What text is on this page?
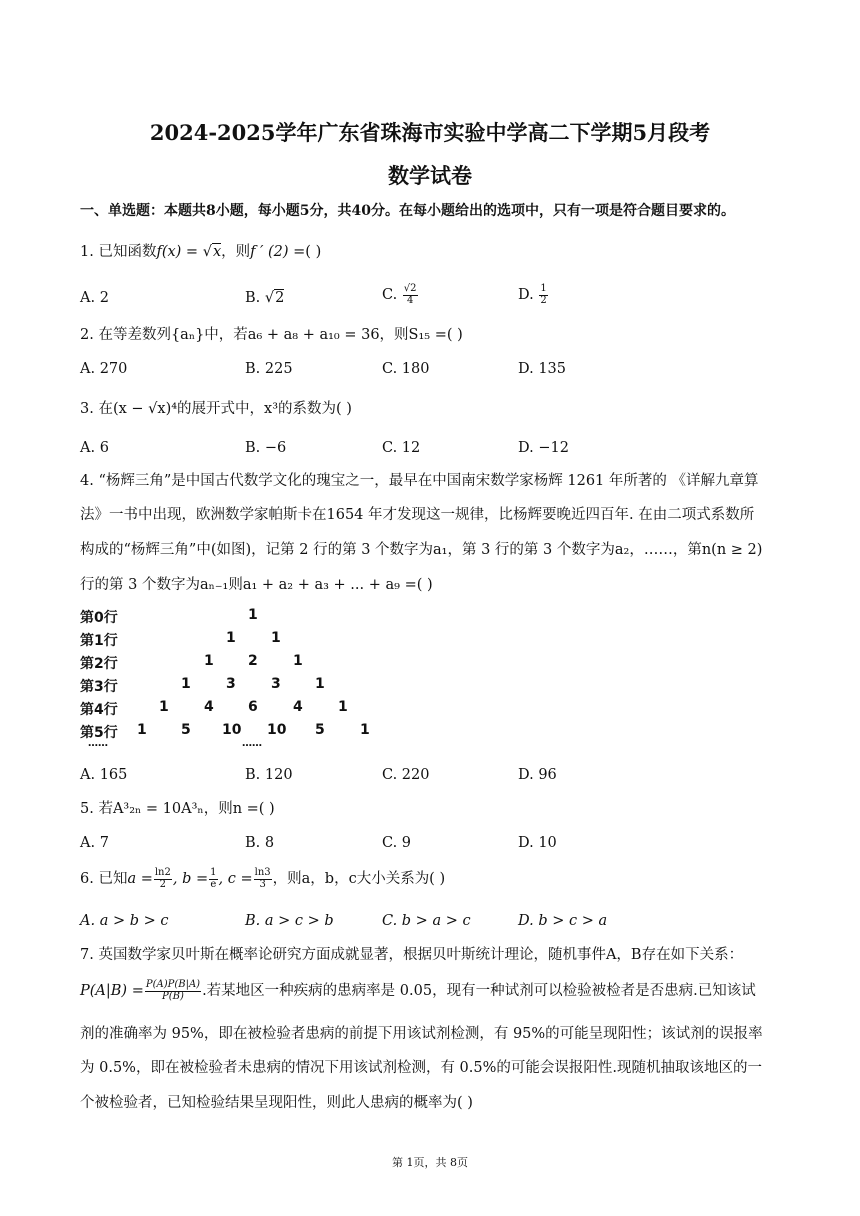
2024-2025学年广东省珠海市实验中学高二下学期5月段考
数学试卷
一、单选题：本题共8小题，每小题5分，共40分。在每小题给出的选项中，只有一项是符合题目要求的。
1. 已知函数f(x) = √x，则f ′ (2) =( )
A. 2	B. √2	C. $\frac{√2}{4}$	D. $\frac{1}{2}$
2. 在等差数列{aₙ}中，若a₆ + a₈ + a₁₀ = 36，则S₁₅ =( )
A. 270	B. 225	C. 180	D. 135
3. 在(x − √x)⁴的展开式中，x³的系数为( )
A. 6	B. −6	C. 12	D. −12
4. “杨辉三角”是中国古代数学文化的瑰宝之一，最早在中国南宋数学家杨辉 1261 年所著的 《详解九章算
法》一书中出现，欧洲数学家帕斯卡在1654 年才发现这一规律，比杨辉要晚近四百年. 在由二项式系数所
构成的“杨辉三角”中(如图)，记第 2 行的第 3 个数字为a₁，第 3 行的第 3 个数字为a₂，……，第n(n ≥ 2)
行的第 3 个数字为aₙ₋₁则a₁ + a₂ + a₃ + ... + a₉ =( )
第0行
第1行
第2行
第3行
第4行
第5行
1
1	1
1 2	1
1	3	3 1
1	4 6	4	1
1 5 10 10 5	1
……	……
A. 165	B. 120	C. 220	D. 96
5. 若A³₂ₙ = 10A³ₙ，则n =( )
A. 7	B. 8	C. 9	D. 10
6. 已知$a = \frac{\ln 2}{2}$ , $b = \frac{1}{e}$ , $c = \frac{\ln 3}{3}$ ，则a，b，c大小关系为( )
A. a > b > c	B. a > c > b	C. b > a > c	D. b > c > a
7. 英国数学家贝叶斯在概率论研究方面成就显著，根据贝叶斯统计理论，随机事件A，B存在如下关系：
$P(A|B) = \frac{P(A)P(B|A)}{P(B)}$ .若某地区一种疾病的患病率是 0.05，现有一种试剂可以检验被检者是否患病.已知该试
剂的准确率为 95%，即在被检验者患病的前提下用该试剂检测，有 95%的可能呈现阳性；该试剂的误报率
为 0.5%，即在被检验者未患病的情况下用该试剂检测，有 0.5%的可能会误报阳性.现随机抽取该地区的一
个被检验者，已知检验结果呈现阳性，则此人患病的概率为( )
第 1页，共 8页
